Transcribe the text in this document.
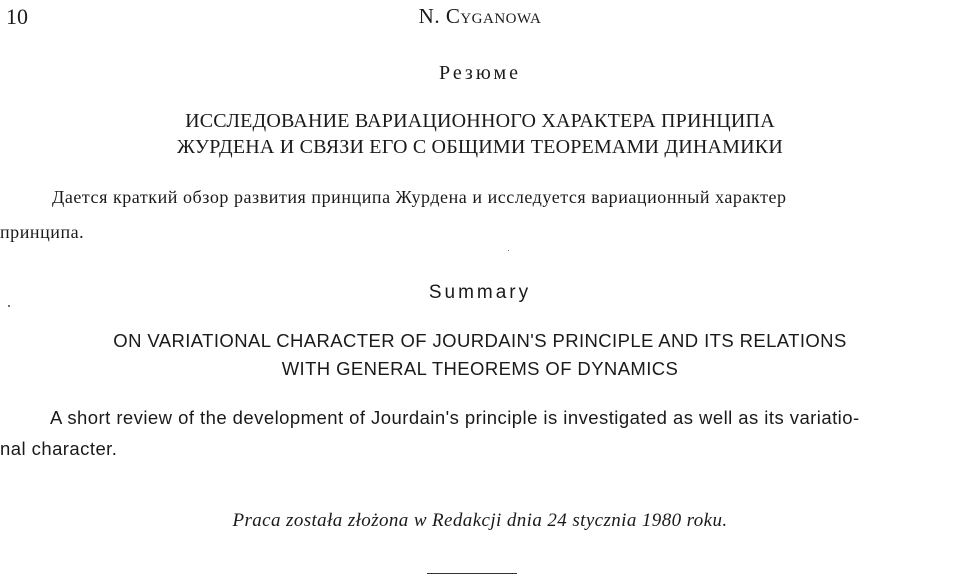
10	N. Cyganowa
Резюме
ИССЛЕДОВАНИЕ ВАРИАЦИОННОГО ХАРАКТЕРА ПРИНЦИПА
ЖУРДЕНА И СВЯЗИ ЕГО С ОБЩИМИ ТЕОРЕМАМИ ДИНАМИКИ
Дается краткий обзор развития принципа Журдена и исследуется вариационный характер
принципа.
Summary
ON VARIATIONAL CHARACTER OF JOURDAIN'S PRINCIPLE AND ITS RELATIONS
WITH GENERAL THEOREMS OF DYNAMICS
A short review of the development of Jourdain's principle is investigated as well as its variatio-
nal character.
Praca została złożona w Redakcji dnia 24 stycznia 1980 roku.
